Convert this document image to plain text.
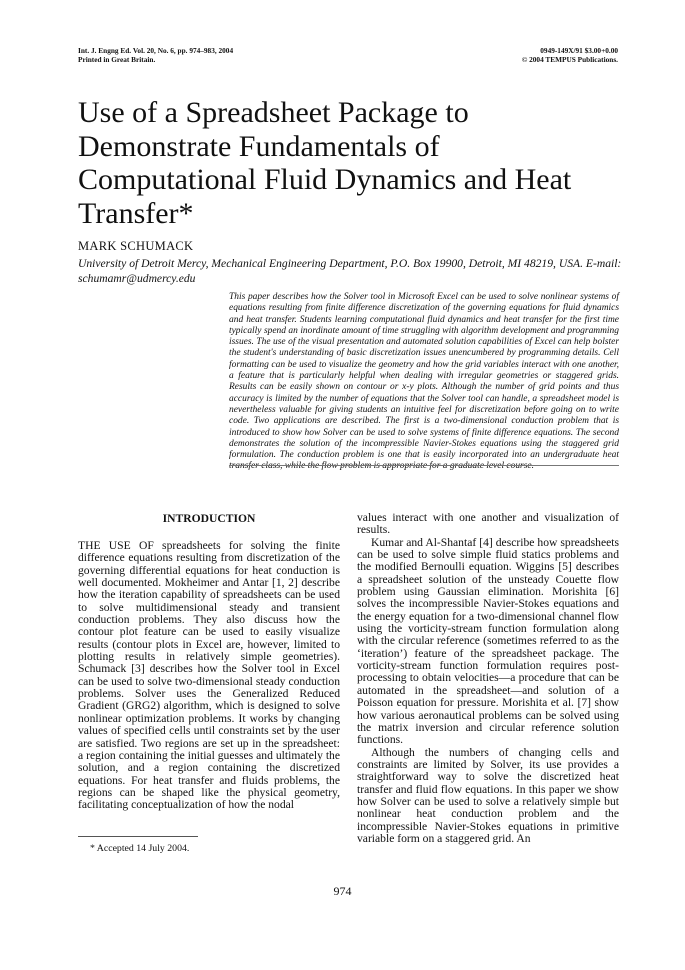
Int. J. Engng Ed. Vol. 20, No. 6, pp. 974–983, 2004
Printed in Great Britain.
0949-149X/91 $3.00+0.00
© 2004 TEMPUS Publications.
Use of a Spreadsheet Package to Demonstrate Fundamentals of Computational Fluid Dynamics and Heat Transfer*
MARK SCHUMACK
University of Detroit Mercy, Mechanical Engineering Department, P.O. Box 19900, Detroit, MI 48219, USA. E-mail: schumamr@udmercy.edu
This paper describes how the Solver tool in Microsoft Excel can be used to solve nonlinear systems of equations resulting from finite difference discretization of the governing equations for fluid dynamics and heat transfer. Students learning computational fluid dynamics and heat transfer for the first time typically spend an inordinate amount of time struggling with algorithm development and programming issues. The use of the visual presentation and automated solution capabilities of Excel can help bolster the student's understanding of basic discretization issues unencumbered by programming details. Cell formatting can be used to visualize the geometry and how the grid variables interact with one another, a feature that is particularly helpful when dealing with irregular geometries or staggered grids. Results can be easily shown on contour or x-y plots. Although the number of grid points and thus accuracy is limited by the number of equations that the Solver tool can handle, a spreadsheet model is nevertheless valuable for giving students an intuitive feel for discretization before going on to write code. Two applications are described. The first is a two-dimensional conduction problem that is introduced to show how Solver can be used to solve systems of finite difference equations. The second demonstrates the solution of the incompressible Navier-Stokes equations using the staggered grid formulation. The conduction problem is one that is easily incorporated into an undergraduate heat transfer class, while the flow problem is appropriate for a graduate level course.
INTRODUCTION

THE USE OF spreadsheets for solving the finite difference equations resulting from discretization of the governing differential equations for heat conduction is well documented. Mokheimer and Antar [1, 2] describe how the iteration capability of spreadsheets can be used to solve multidimensional steady and transient conduction problems. They also discuss how the contour plot feature can be used to easily visualize results (contour plots in Excel are, however, limited to plotting results in relatively simple geometries). Schumack [3] describes how the Solver tool in Excel can be used to solve two-dimensional steady conduction problems. Solver uses the Generalized Reduced Gradient (GRG2) algorithm, which is designed to solve nonlinear optimization problems. It works by changing values of specified cells until constraints set by the user are satisfied. Two regions are set up in the spreadsheet: a region containing the initial guesses and ultimately the solution, and a region containing the discretized equations. For heat transfer and fluids problems, the regions can be shaped like the physical geometry, facilitating conceptualization of how the nodal

values interact with one another and visualization of results.

Kumar and Al-Shantaf [4] describe how spreadsheets can be used to solve simple fluid statics problems and the modified Bernoulli equation. Wiggins [5] describes a spreadsheet solution of the unsteady Couette flow problem using Gaussian elimination. Morishita [6] solves the incompressible Navier-Stokes equations and the energy equation for a two-dimensional channel flow using the vorticity-stream function formulation along with the circular reference (sometimes referred to as the ‘iteration’) feature of the spreadsheet package. The vorticity-stream function formulation requires post-processing to obtain velocities—a procedure that can be automated in the spreadsheet—and solution of a Poisson equation for pressure. Morishita et al. [7] show how various aeronautical problems can be solved using the matrix inversion and circular reference solution functions.

Although the numbers of changing cells and constraints are limited by Solver, its use provides a straightforward way to solve the discretized heat transfer and fluid flow equations. In this paper we show how Solver can be used to solve a relatively simple but nonlinear heat conduction problem and the incompressible Navier-Stokes equations in primitive variable form on a staggered grid. An

* Accepted 14 July 2004.
974
